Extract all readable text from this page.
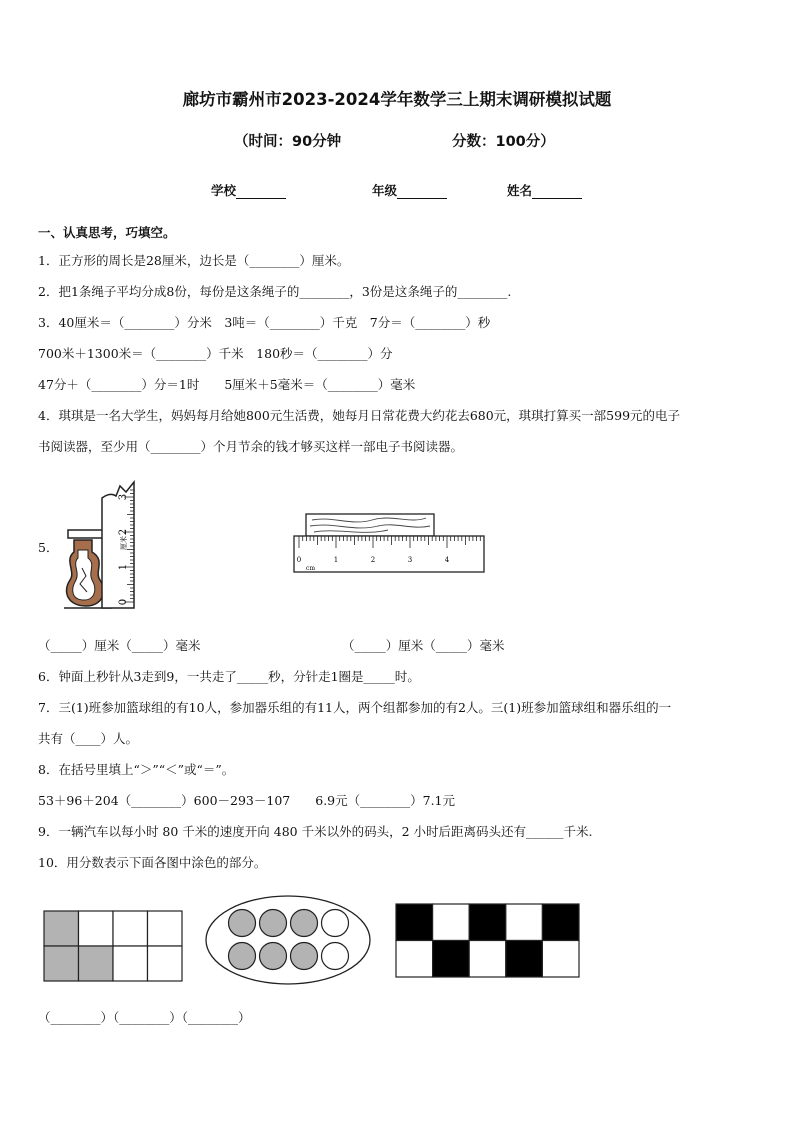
廊坊市霸州市2023-2024学年数学三上期末调研模拟试题
（时间：90分钟	分数：100分）
学校	年级	姓名
一、认真思考，巧填空。
1．正方形的周长是28厘米，边长是（________）厘米。
2．把1条绳子平均分成8份，每份是这条绳子的________，3份是这条绳子的________.
3．40厘米＝（________）分米　3吨＝（________）千克　7分＝（________）秒
700米＋1300米＝（________）千米　180秒＝（________）分
47分＋（________）分＝1时　　5厘米＋5毫米＝（________）毫米
4．琪琪是一名大学生，妈妈每月给她800元生活费，她每月日常花费大约花去680元，琪琪打算买一部599元的电子
书阅读器，至少用（________）个月节余的钱才够买这样一部电子书阅读器。
5．
0
1
2
3
厘米
0	1	2	3	4
cm
（_____）厘米（_____）毫米	（_____）厘米（_____）毫米
6．钟面上秒针从3走到9，一共走了_____秒，分针走1圈是_____时。
7．三(1)班参加篮球组的有10人，参加器乐组的有11人，两个组都参加的有2人。三(1)班参加篮球组和器乐组的一
共有（____）人。
8．在括号里填上“＞”“＜”或“＝”。
53＋96＋204（________）600－293－107　　6.9元（________）7.1元
9．一辆汽车以每小时 80 千米的速度开向 480 千米以外的码头，2 小时后距离码头还有______千米.
10．用分数表示下面各图中涂色的部分。
（________）（________）（________）
